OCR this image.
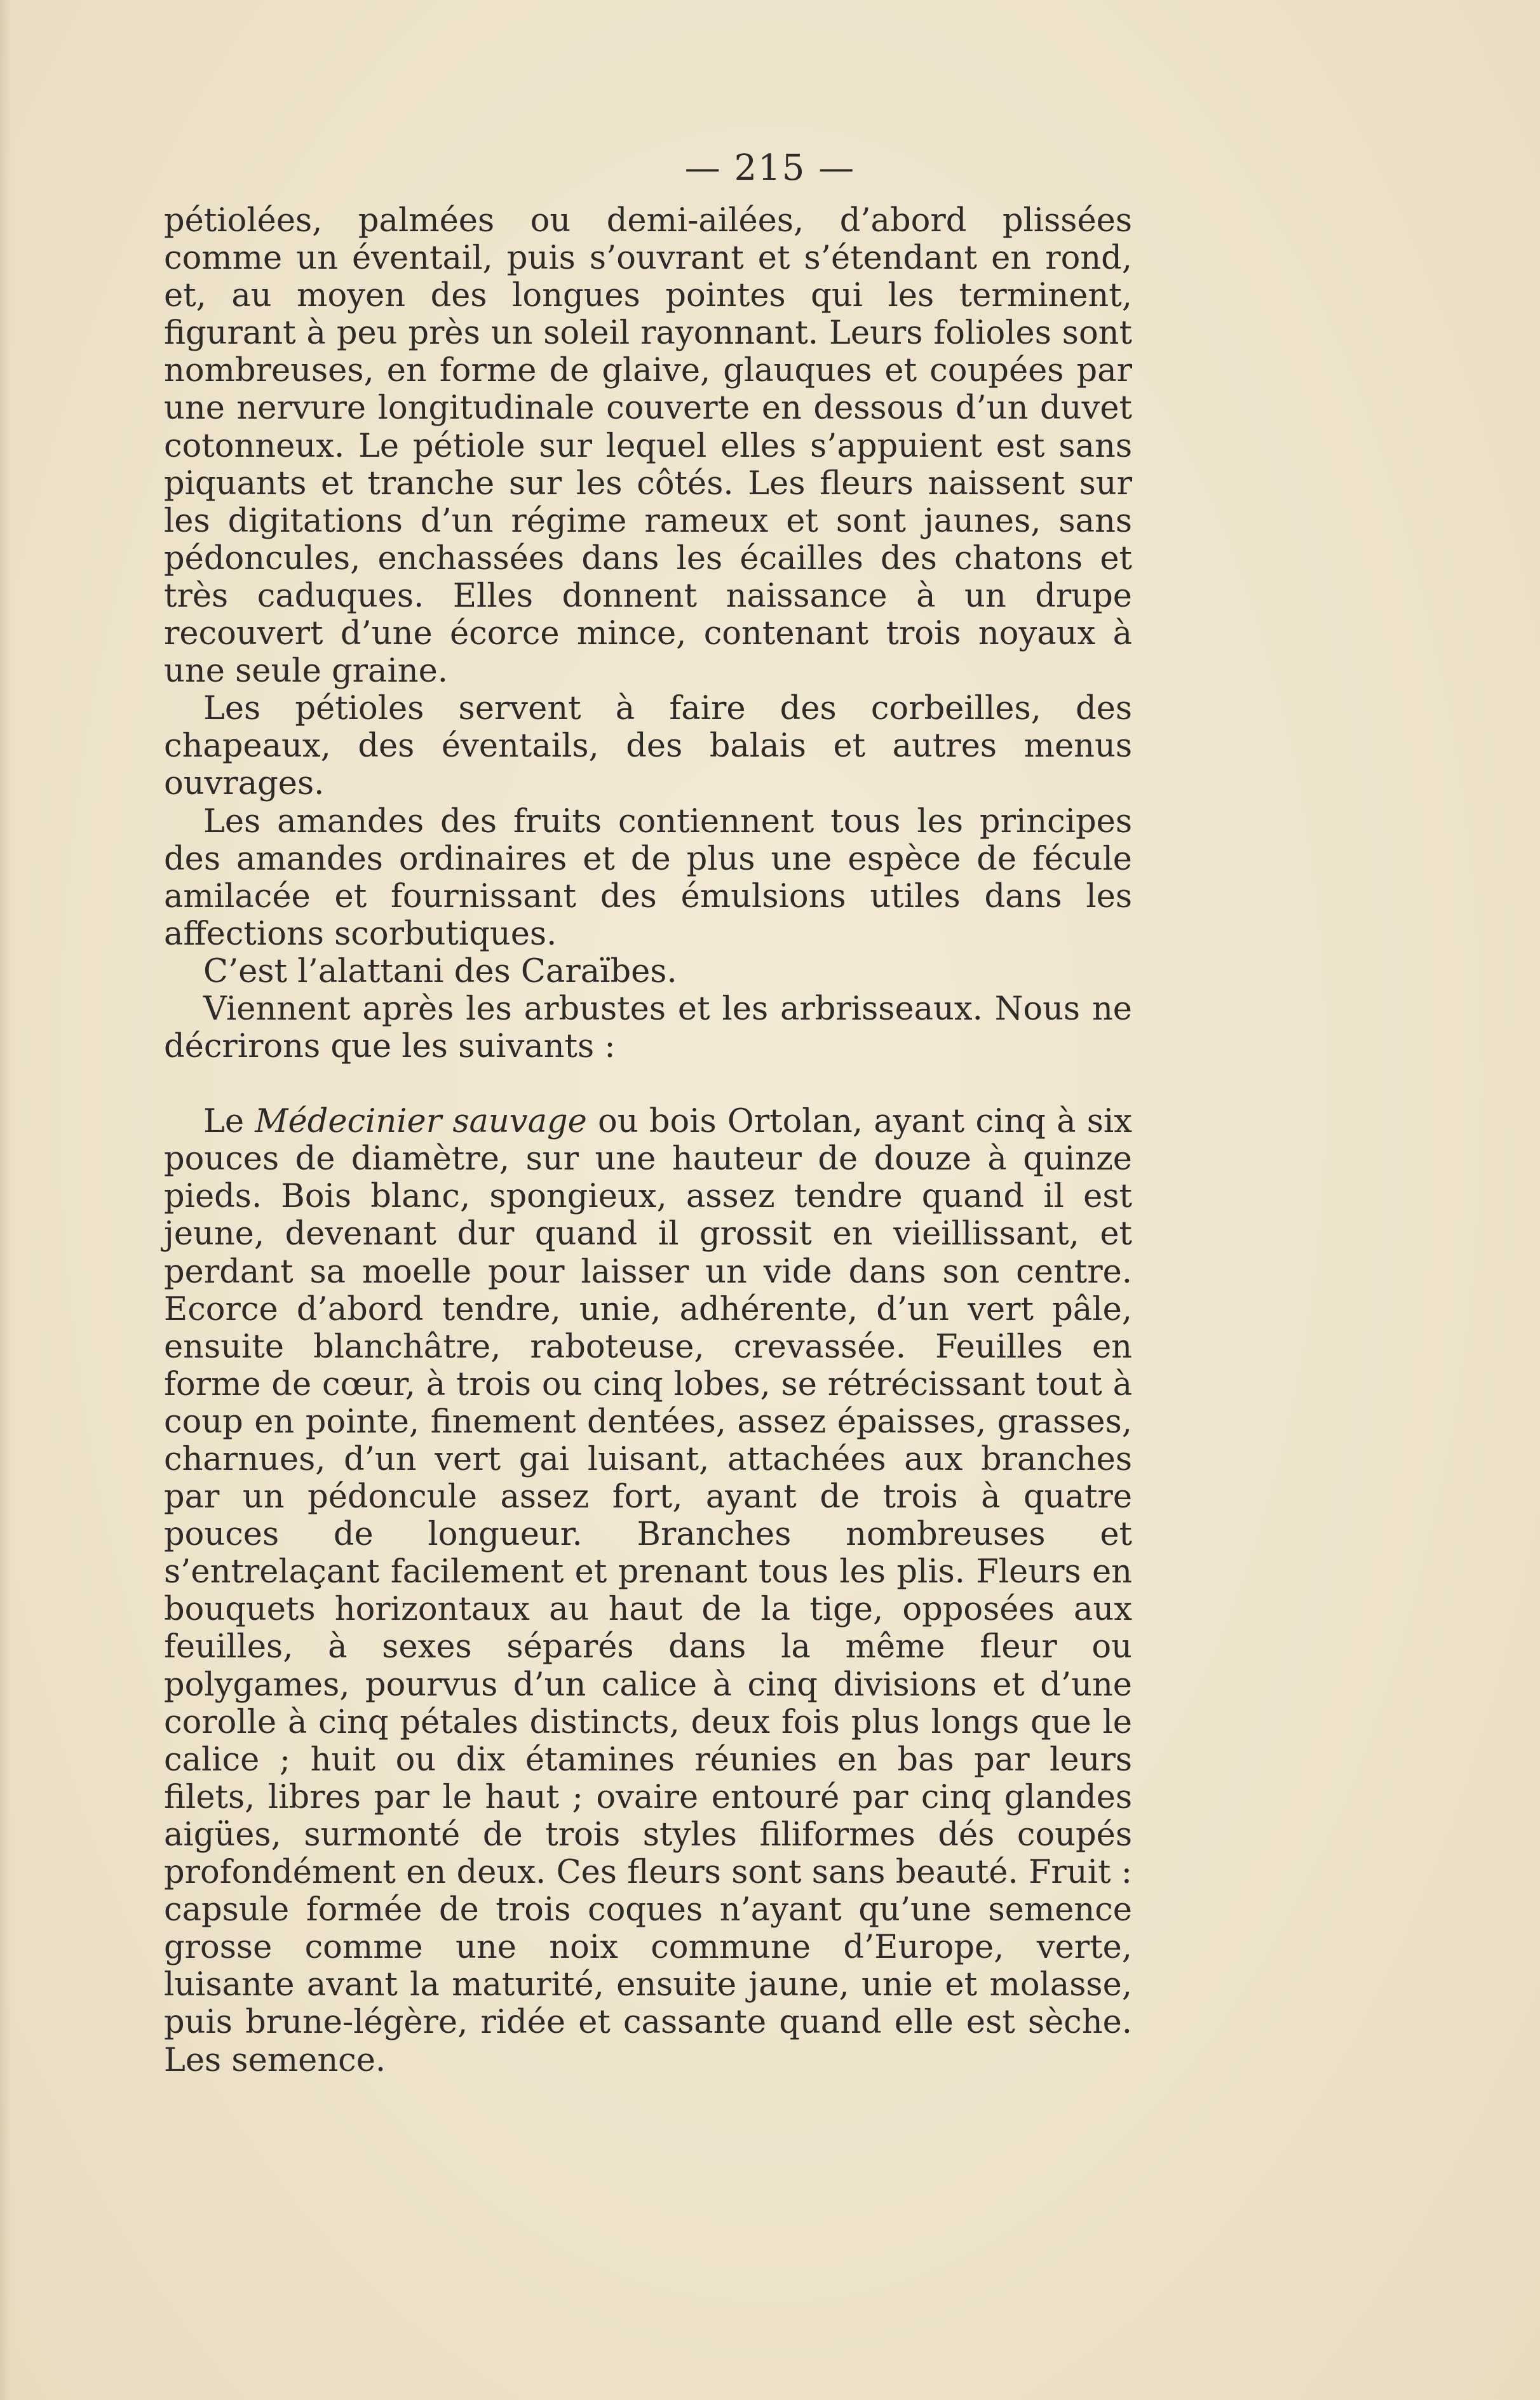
— 215 —

pétiolées, palmées ou demi-ailées, d’abord plissées comme un éventail, puis s’ouvrant et s’étendant en rond, et, au moyen des longues pointes qui les terminent, figurant à peu près un soleil rayonnant. Leurs folioles sont nombreuses, en forme de glaive, glauques et coupées par une nervure longitudinale couverte en dessous d’un duvet cotonneux. Le pétiole sur lequel elles s’appuient est sans piquants et tranche sur les côtés. Les fleurs naissent sur les digitations d’un régime rameux et sont jaunes, sans pédoncules, enchassées dans les écailles des chatons et très caduques. Elles donnent naissance à un drupe recouvert d’une écorce mince, contenant trois noyaux à une seule graine.

Les pétioles servent à faire des corbeilles, des chapeaux, des éventails, des balais et autres menus ouvrages.

Les amandes des fruits contiennent tous les principes des amandes ordinaires et de plus une espèce de fécule amilacée et fournissant des émulsions utiles dans les affections scorbutiques.

C’est l’alattani des Caraïbes.

Viennent après les arbustes et les arbrisseaux. Nous ne décrirons que les suivants :

Le Médecinier sauvage ou bois Ortolan, ayant cinq à six pouces de diamètre, sur une hauteur de douze à quinze pieds. Bois blanc, spongieux, assez tendre quand il est jeune, devenant dur quand il grossit en vieillissant, et perdant sa moelle pour laisser un vide dans son centre. Ecorce d’abord tendre, unie, adhérente, d’un vert pâle, ensuite blanchâtre, raboteuse, crevassée. Feuilles en forme de cœur, à trois ou cinq lobes, se rétrécissant tout à coup en pointe, finement dentées, assez épaisses, grasses, charnues, d’un vert gai luisant, attachées aux branches par un pédoncule assez fort, ayant de trois à quatre pouces de longueur. Branches nombreuses et s’entrelaçant facilement et prenant tous les plis. Fleurs en bouquets horizontaux au haut de la tige, opposées aux feuilles, à sexes séparés dans la même fleur ou polygames, pourvus d’un calice à cinq divisions et d’une corolle à cinq pétales distincts, deux fois plus longs que le calice ; huit ou dix étamines réunies en bas par leurs filets, libres par le haut ; ovaire entouré par cinq glandes aigües, surmonté de trois styles filiformes dés coupés profondément en deux. Ces fleurs sont sans beauté. Fruit : capsule formée de trois coques n’ayant qu’une semence grosse comme une noix commune d’Europe, verte, luisante avant la maturité, ensuite jaune, unie et molasse, puis brune-légère, ridée et cassante quand elle est sèche. Les semence.
